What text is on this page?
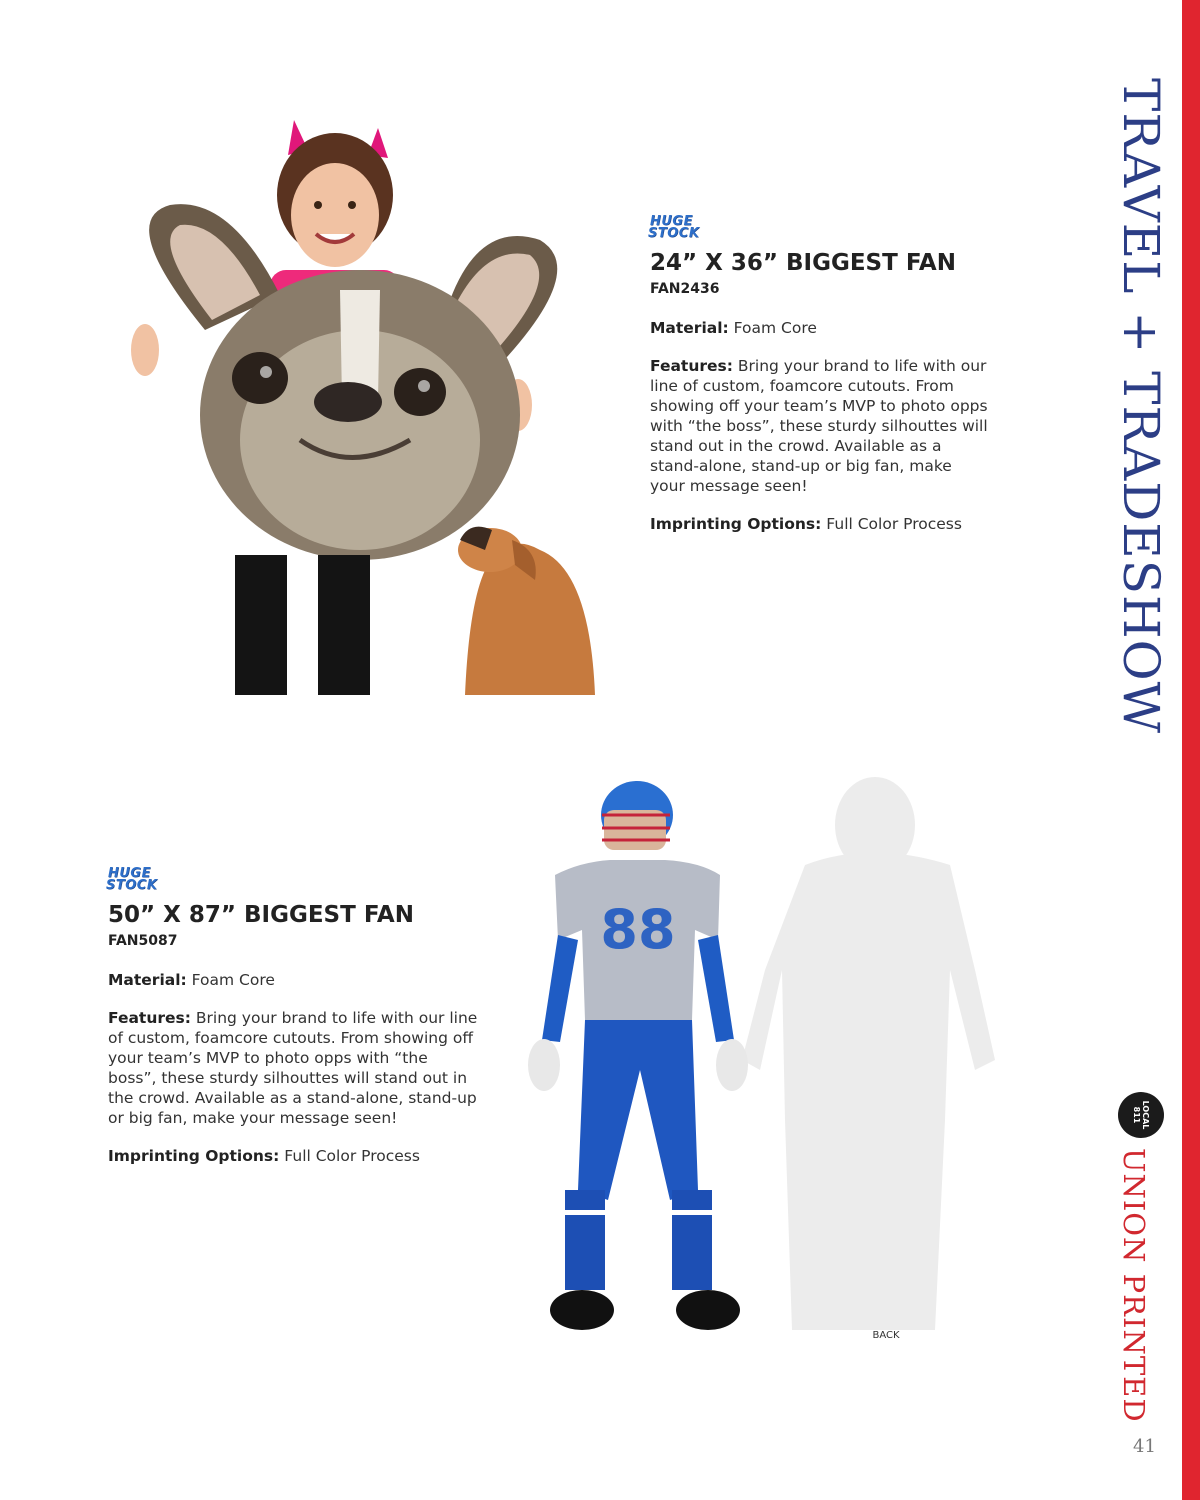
TRAVEL + TRADESHOW
LOCAL 811
UNION PRINTED
41
HUGE
STOCK
24” X 36” BIGGEST FAN
FAN2436
Material: Foam Core
Features: Bring your brand to life with our line of custom, foamcore cutouts. From showing off your team’s MVP to photo opps with “the boss”, these sturdy silhouttes will stand out in the crowd. Available as a stand-alone, stand-up or big fan, make your message seen!
Imprinting Options: Full Color Process
HUGE
STOCK
50” X 87” BIGGEST FAN
FAN5087
Material: Foam Core
Features: Bring your brand to life with our line of custom, foamcore cutouts. From showing off your team’s MVP to photo opps with “the boss”, these sturdy silhouttes will stand out in the crowd. Available as a stand-alone, stand-up or big fan, make your message seen!
Imprinting Options: Full Color Process
BACK
88
